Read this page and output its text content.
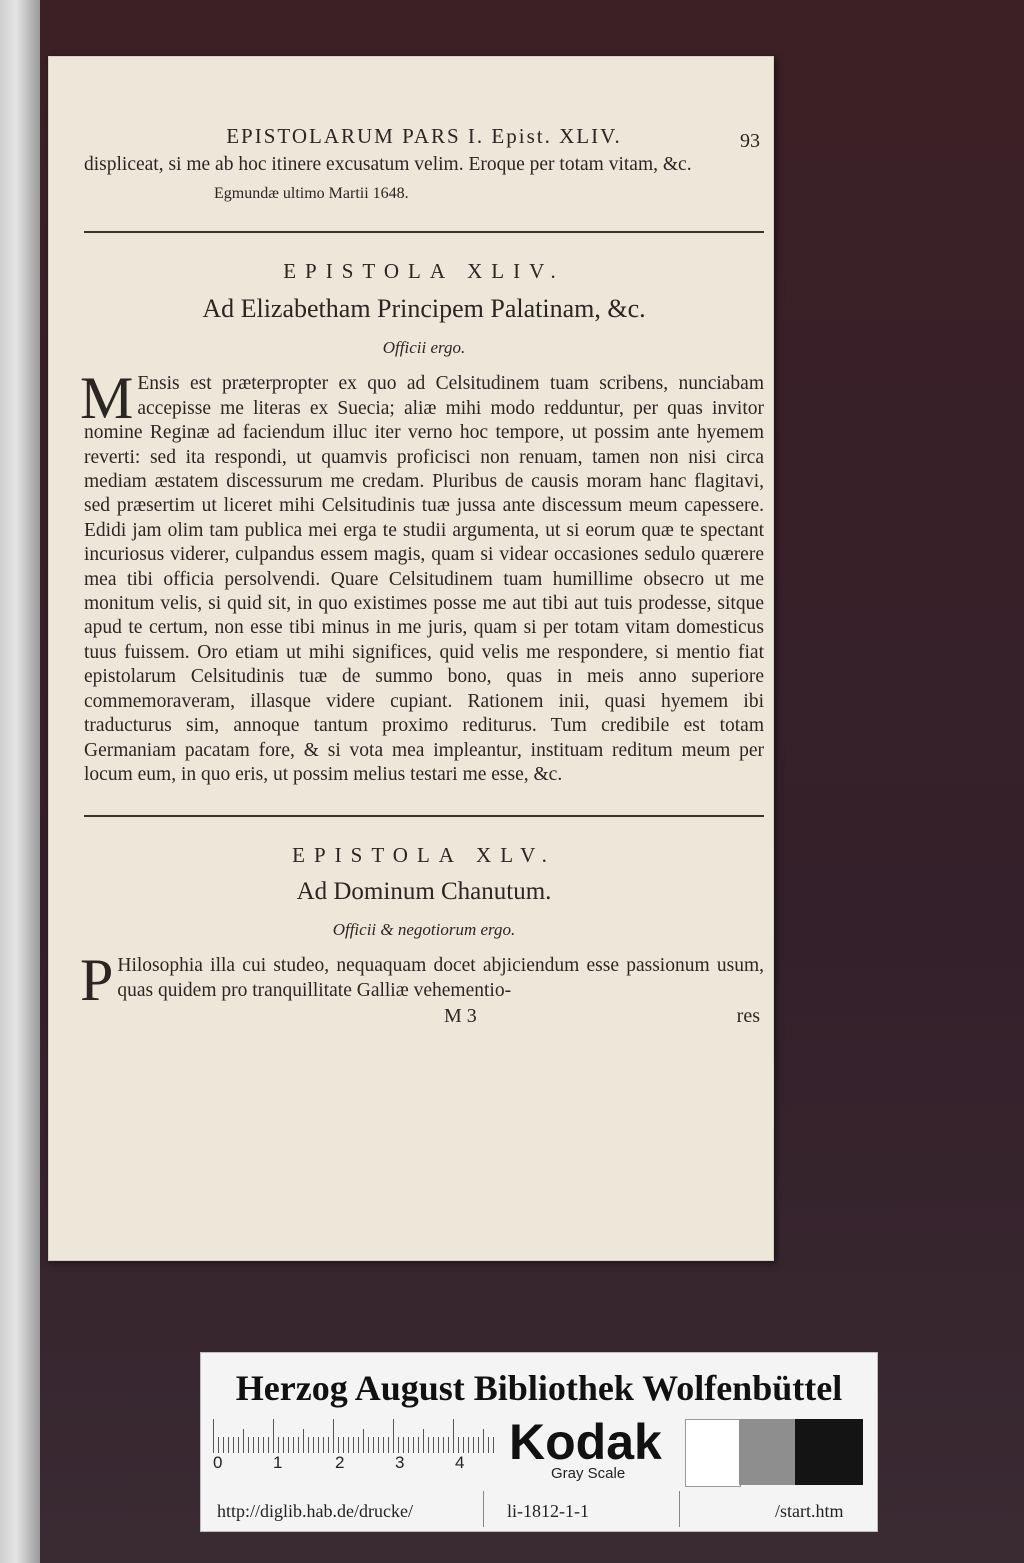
EPISTOLARUM PARS I. Epist. XLIV.	93

displiceat, si me ab hoc itinere excusatum velim. Eroque per totam vitam, &c.

Egmundæ ultimo Martii 1648.
EPISTOLA XLIV.
Ad Elizabetham Principem Palatinam, &c.
Officii ergo.
M Ensis est præterpropter ex quo ad Celsitudinem tuam scribens, nunciabam accepisse me literas ex Suecia; aliæ mihi modo redduntur, per quas invitor nomine Reginæ ad faciendum illuc iter verno hoc tempore, ut possim ante hyemem reverti: sed ita respondi, ut quamvis proficisci non renuam, tamen non nisi circa mediam æstatem discessurum me credam. Pluribus de causis moram hanc flagitavi, sed præsertim ut liceret mihi Celsitudinis tuæ jussa ante discessum meum capessere. Edidi jam olim tam publica mei erga te studii argumenta, ut si eorum quæ te spectant incuriosus viderer, culpandus essem magis, quam si videar occasiones sedulo quærere mea tibi officia persolvendi. Quare Celsitudinem tuam humillime obsecro ut me monitum velis, si quid sit, in quo existimes posse me aut tibi aut tuis prodesse, sitque apud te certum, non esse tibi minus in me juris, quam si per totam vitam domesticus tuus fuissem. Oro etiam ut mihi significes, quid velis me respondere, si mentio fiat epistolarum Celsitudinis tuæ de summo bono, quas in meis anno superiore commemoraveram, illasque videre cupiant. Rationem inii, quasi hyemem ibi traducturus sim, annoque tantum proximo rediturus. Tum credibile est totam Germaniam pacatam fore, & si vota mea impleantur, instituam reditum meum per locum eum, in quo eris, ut possim melius testari me esse, &c.

EPISTOLA XLV.
Ad Dominum Chanutum.
Officii & negotiorum ergo.
P Hilosophia illa cui studeo, nequaquam docet abjiciendum esse passionum usum, quas quidem pro tranquillitate Galliæ vehementio-

M 3	res
Herzog August Bibliothek Wolfenbüttel
0	1	2	3	4 Kodak
Gray Scale
http://diglib.hab.de/drucke/	li-1812-1-1	/start.htm
